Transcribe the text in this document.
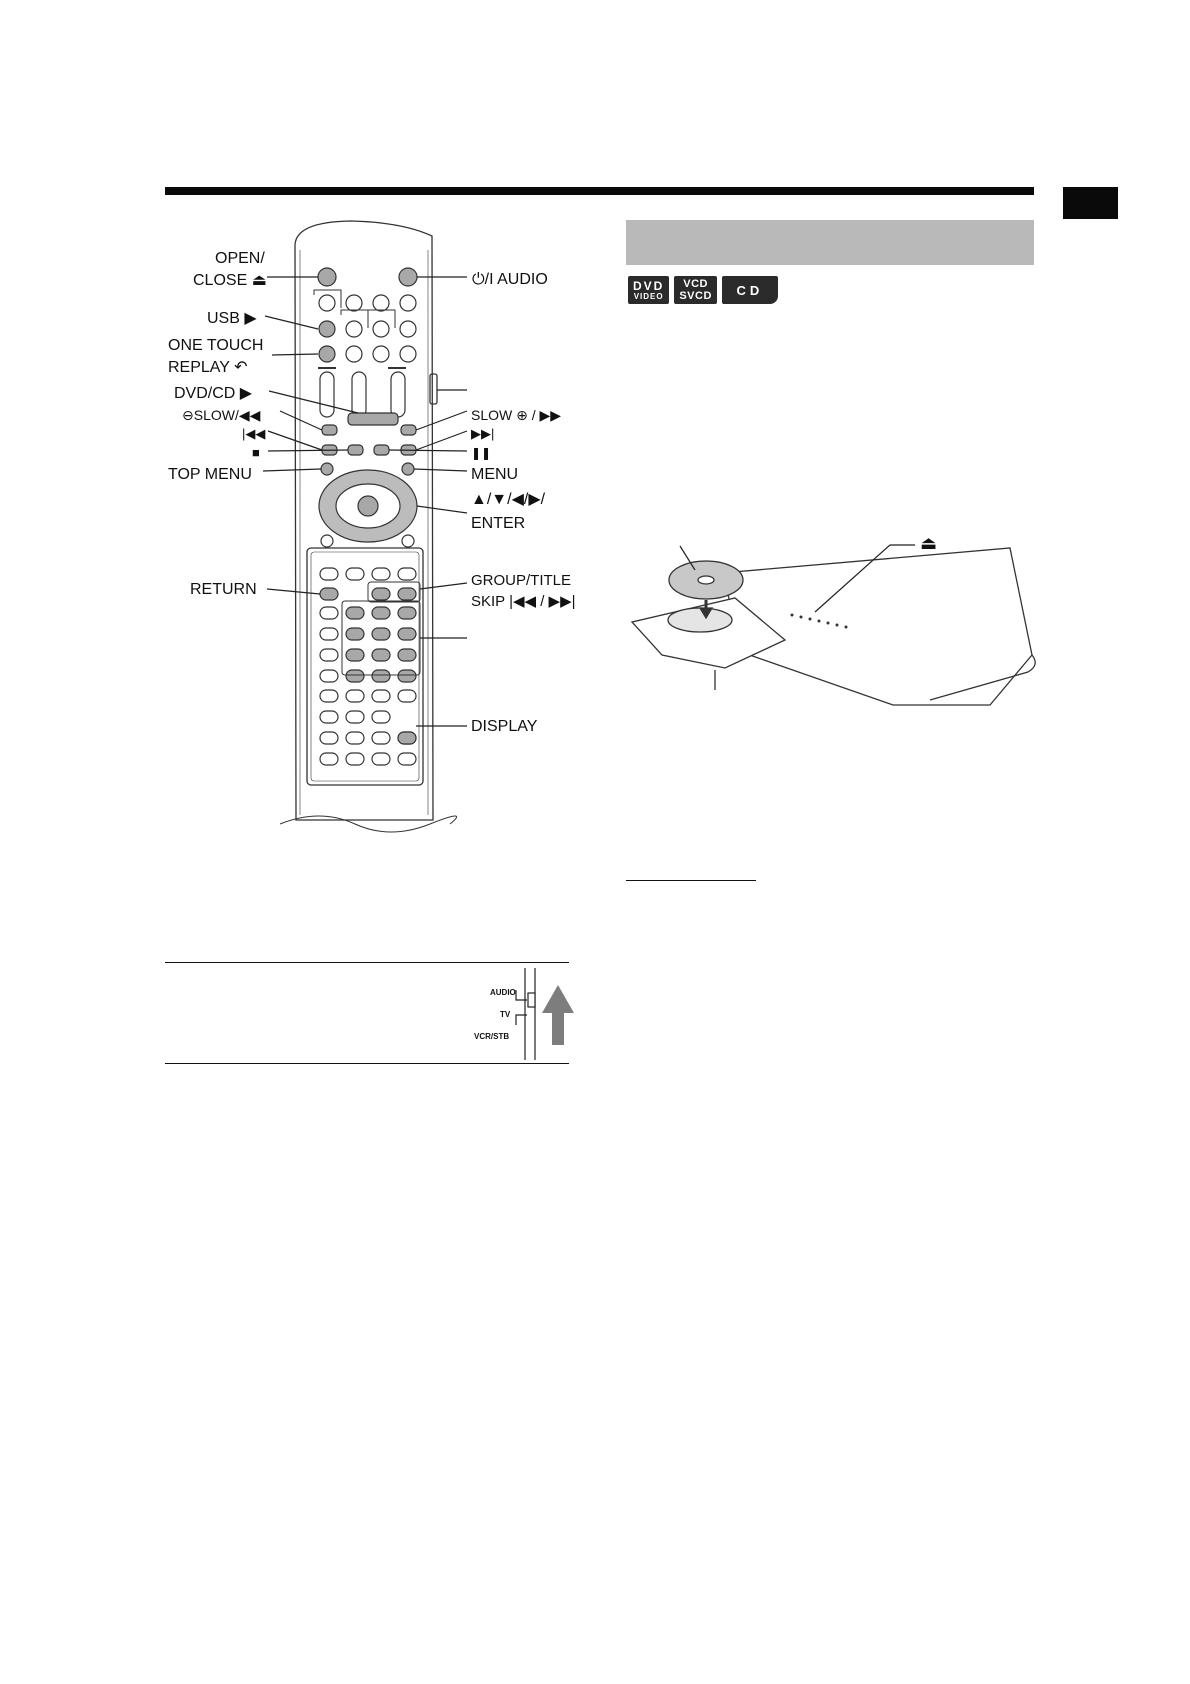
OPEN/
CLOSE ⏏	⏻/I AUDIO
USB ▶
ONE TOUCH
REPLAY ↶
DVD/CD ▶
⊖SLOW/◀◀	SLOW ⊕ / ▶▶
|◀◀	▶▶|
■	❚❚
TOP MENU	MENU
▲/▼/◀/▶/
ENTER
RETURN
GROUP/TITLE
SKIP |◀◀ / ▶▶|
DISPLAY
DVD
VIDEO
VCD
SVCD	CD
⏏
AUDIO
TV
VCR/STB
